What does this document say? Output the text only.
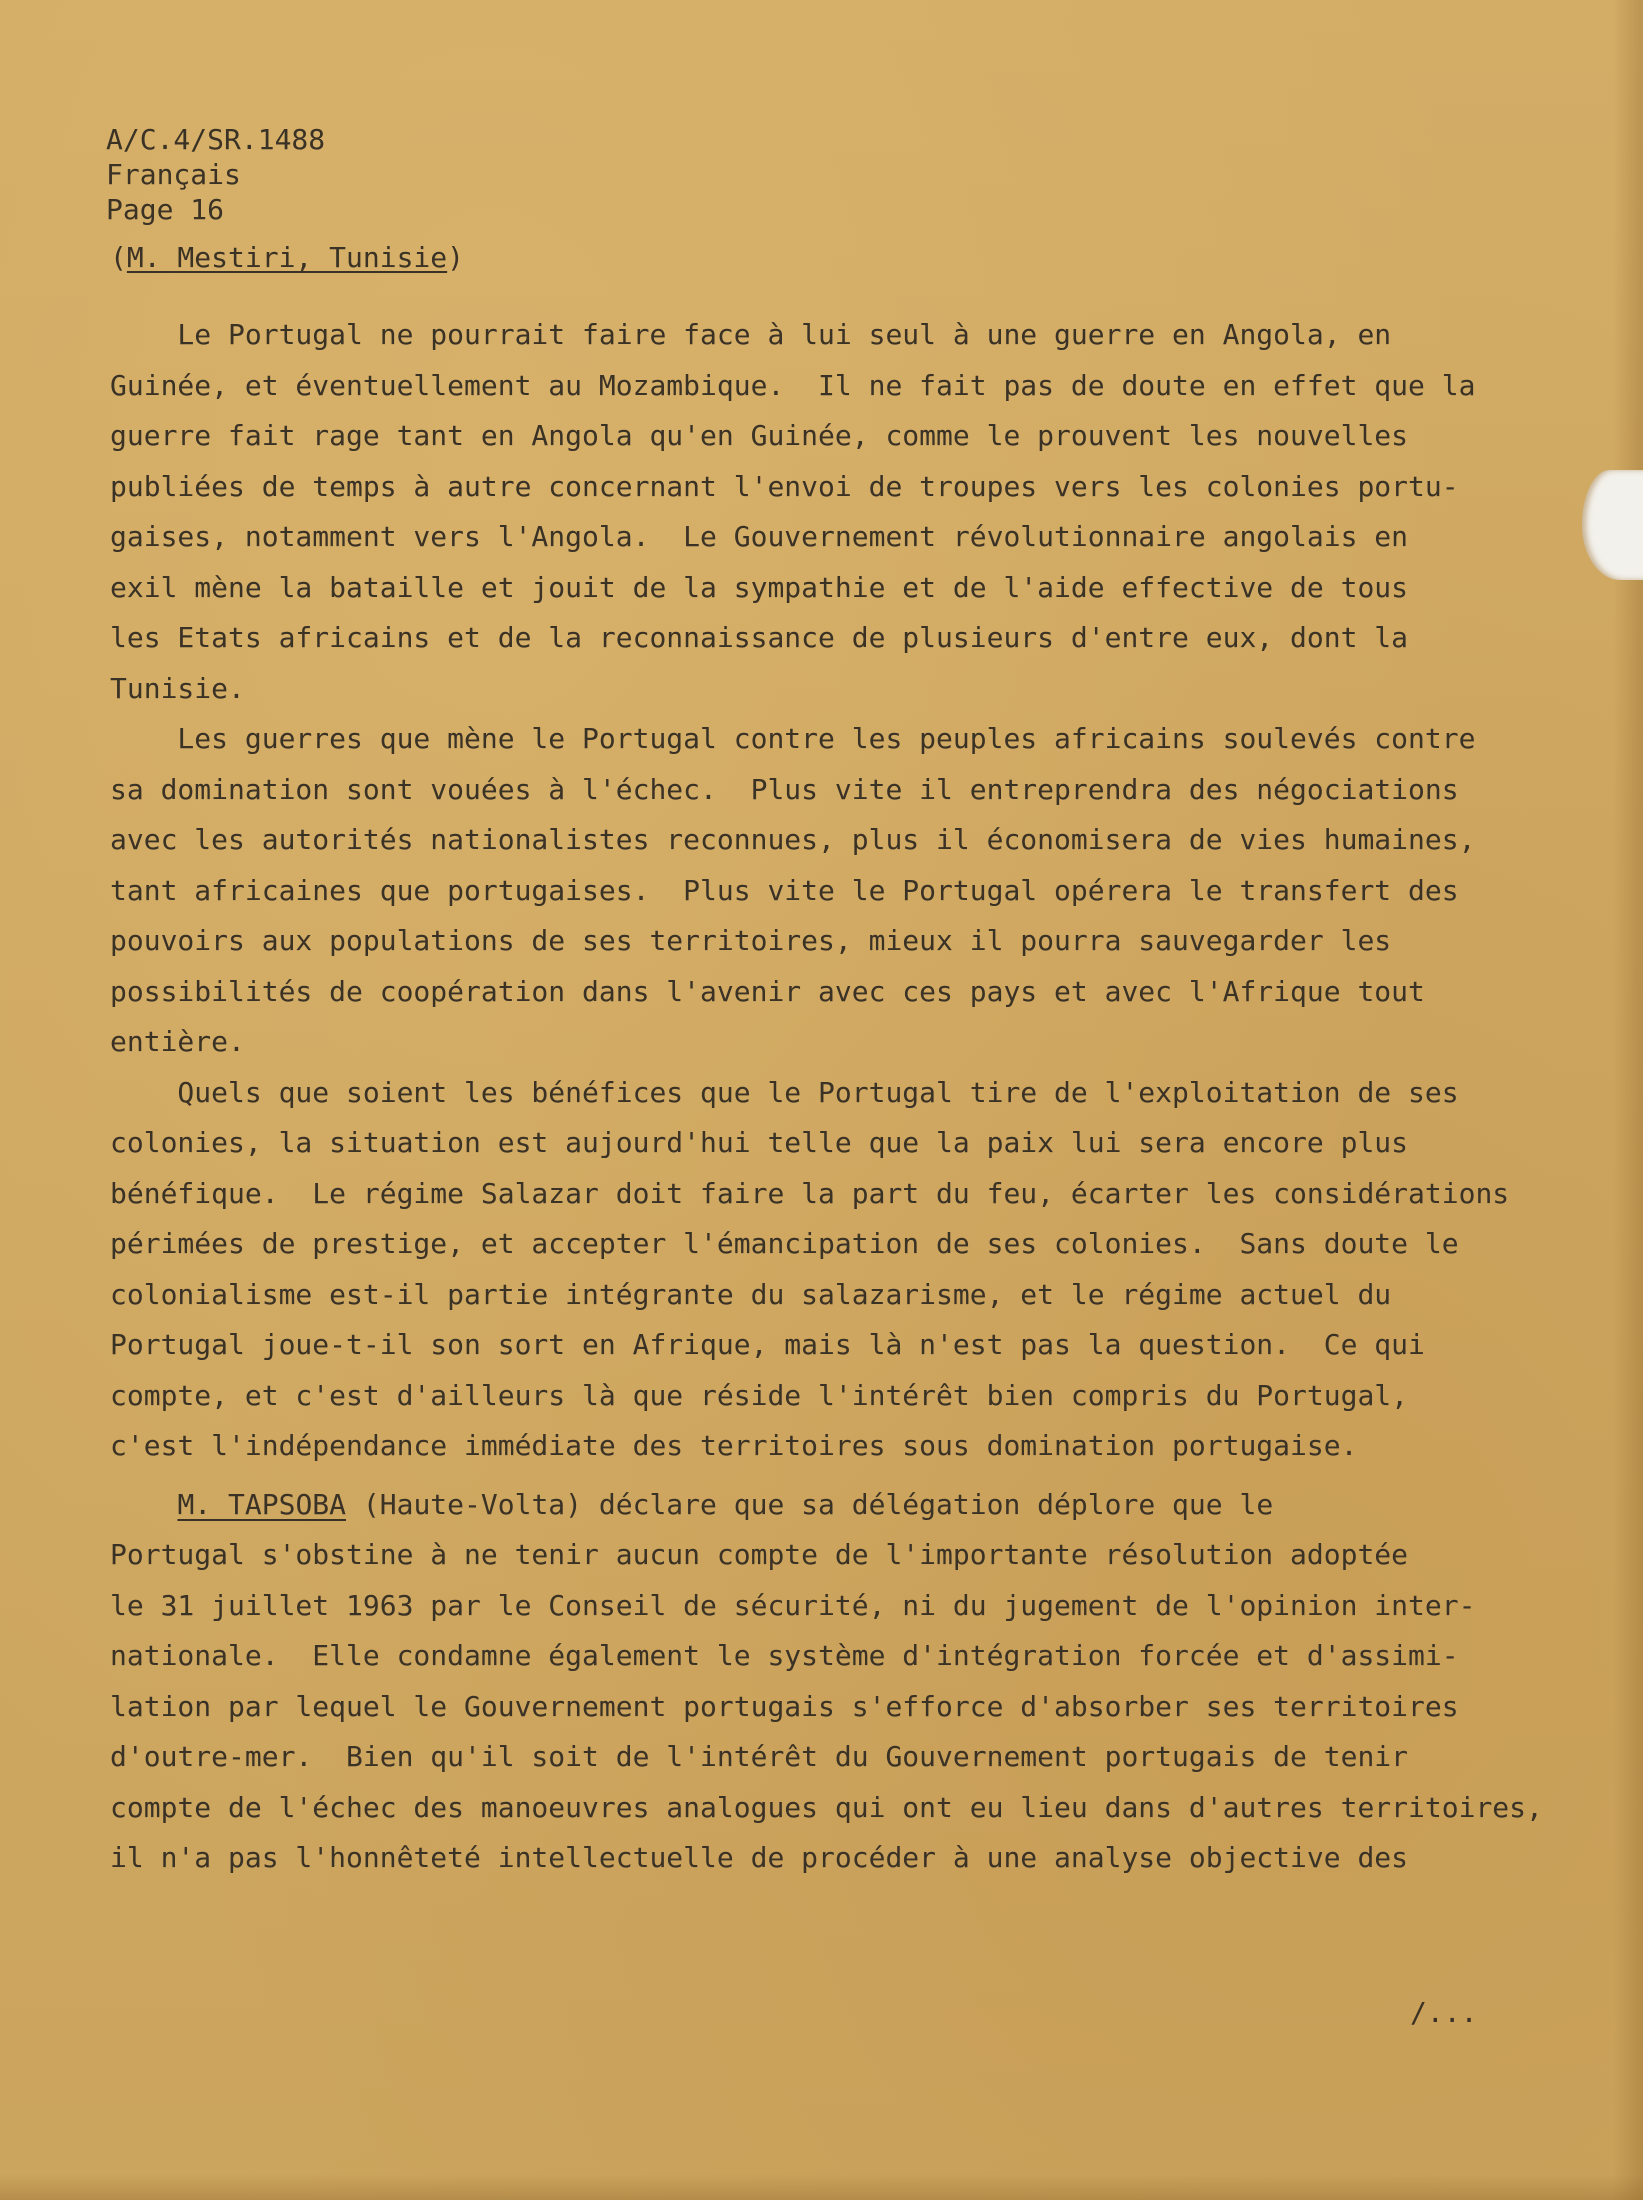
A/C.4/SR.1488
Français
Page 16
(M. Mestiri, Tunisie)
Le Portugal ne pourrait faire face à lui seul à une guerre en Angola, en
Guinée, et éventuellement au Mozambique.  Il ne fait pas de doute en effet que la
guerre fait rage tant en Angola qu'en Guinée, comme le prouvent les nouvelles
publiées de temps à autre concernant l'envoi de troupes vers les colonies portu-
gaises, notamment vers l'Angola.  Le Gouvernement révolutionnaire angolais en
exil mène la bataille et jouit de la sympathie et de l'aide effective de tous
les Etats africains et de la reconnaissance de plusieurs d'entre eux, dont la
Tunisie.
Les guerres que mène le Portugal contre les peuples africains soulevés contre
sa domination sont vouées à l'échec.  Plus vite il entreprendra des négociations
avec les autorités nationalistes reconnues, plus il économisera de vies humaines,
tant africaines que portugaises.  Plus vite le Portugal opérera le transfert des
pouvoirs aux populations de ses territoires, mieux il pourra sauvegarder les
possibilités de coopération dans l'avenir avec ces pays et avec l'Afrique tout
entière.
Quels que soient les bénéfices que le Portugal tire de l'exploitation de ses
colonies, la situation est aujourd'hui telle que la paix lui sera encore plus
bénéfique.  Le régime Salazar doit faire la part du feu, écarter les considérations
périmées de prestige, et accepter l'émancipation de ses colonies.  Sans doute le
colonialisme est-il partie intégrante du salazarisme, et le régime actuel du
Portugal joue-t-il son sort en Afrique, mais là n'est pas la question.  Ce qui
compte, et c'est d'ailleurs là que réside l'intérêt bien compris du Portugal,
c'est l'indépendance immédiate des territoires sous domination portugaise.
M. TAPSOBA (Haute-Volta) déclare que sa délégation déplore que le
Portugal s'obstine à ne tenir aucun compte de l'importante résolution adoptée
le 31 juillet 1963 par le Conseil de sécurité, ni du jugement de l'opinion inter-
nationale.  Elle condamne également le système d'intégration forcée et d'assimi-
lation par lequel le Gouvernement portugais s'efforce d'absorber ses territoires
d'outre-mer.  Bien qu'il soit de l'intérêt du Gouvernement portugais de tenir
compte de l'échec des manoeuvres analogues qui ont eu lieu dans d'autres territoires,
il n'a pas l'honnêteté intellectuelle de procéder à une analyse objective des
/...
